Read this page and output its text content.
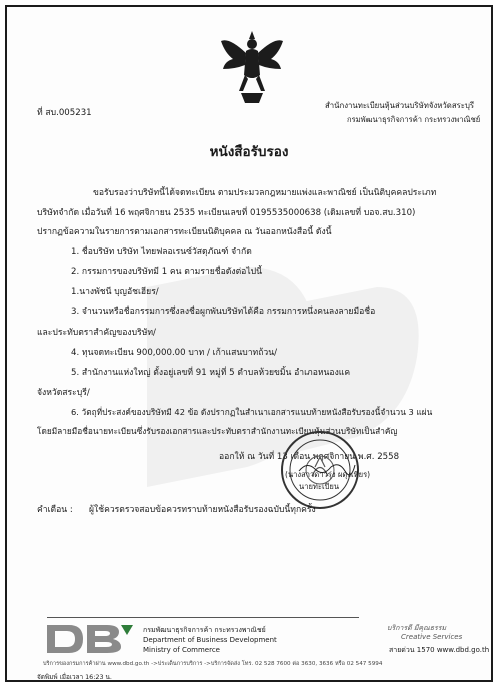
ที่ สบ.005231
สำนักงานทะเบียนหุ้นส่วนบริษัทจังหวัดสระบุรี
กรมพัฒนาธุรกิจการค้า กระทรวงพาณิชย์
หนังสือรับรอง
ขอรับรองว่าบริษัทนี้ได้จดทะเบียน ตามประมวลกฎหมายแพ่งและพาณิชย์ เป็นนิติบุคคลประเภท
บริษัทจำกัด เมื่อวันที่ 16 พฤศจิกายน 2535 ทะเบียนเลขที่ 0195535000638 (เดิมเลขที่ บอจ.สบ.310)
ปรากฏข้อความในรายการตามเอกสารทะเบียนนิติบุคคล ณ วันออกหนังสือนี้ ดังนี้
1. ชื่อบริษัท บริษัท ไทยฟลอเรนซ์วัสดุภัณฑ์ จำกัด
2. กรรมการของบริษัทมี 1 คน ตามรายชื่อดังต่อไปนี้
1.นางพัชนี บุญอัชเฮียร/
3. จำนวนหรือชื่อกรรมการซึ่งลงชื่อผูกพันบริษัทได้คือ กรรมการหนึ่งคนลงลายมือชื่อ
และประทับตราสำคัญของบริษัท/
4. ทุนจดทะเบียน 900,000.00 บาท / เก้าแสนบาทถ้วน/
5. สำนักงานแห่งใหญ่ ตั้งอยู่เลขที่ 91 หมู่ที่ 5 ตำบลห้วยขมิ้น อำเภอหนองแค
จังหวัดสระบุรี/
6. วัตถุที่ประสงค์ของบริษัทมี 42 ข้อ ดังปรากฏในสำเนาเอกสารแนบท้ายหนังสือรับรองนี้จำนวน 3 แผ่น
โดยมีลายมือชื่อนายทะเบียนซึ่งรับรองเอกสารและประทับตราสำนักงานทะเบียนหุ้นส่วนบริษัทเป็นสำคัญ
ออกให้ ณ วันที่ 13 เดือน พฤศจิกายน พ.ศ. 2558
(นางสาวดาวรุ่ง ผดุงเทียร)
นายทะเบียน
คำเตือน : ผู้ใช้ควรตรวจสอบข้อควรทราบท้ายหนังสือรับรองฉบับนี้ทุกครั้ง
กรมพัฒนาธุรกิจการค้า กระทรวงพาณิชย์
Department of Business Development
Ministry of Commerce
บริการดี มีคุณธรรม
Creative Services
สายด่วน 1570 www.dbd.go.th
บริการของกรมการค้าผ่าน www.dbd.go.th ->ประเด็นการบริการ ->บริการจัดส่ง โทร. 02 528 7600 ต่อ 3630, 3636 หรือ 02 547 5994
จัดพิมพ์ เมื่อเวลา 16:23 น.
